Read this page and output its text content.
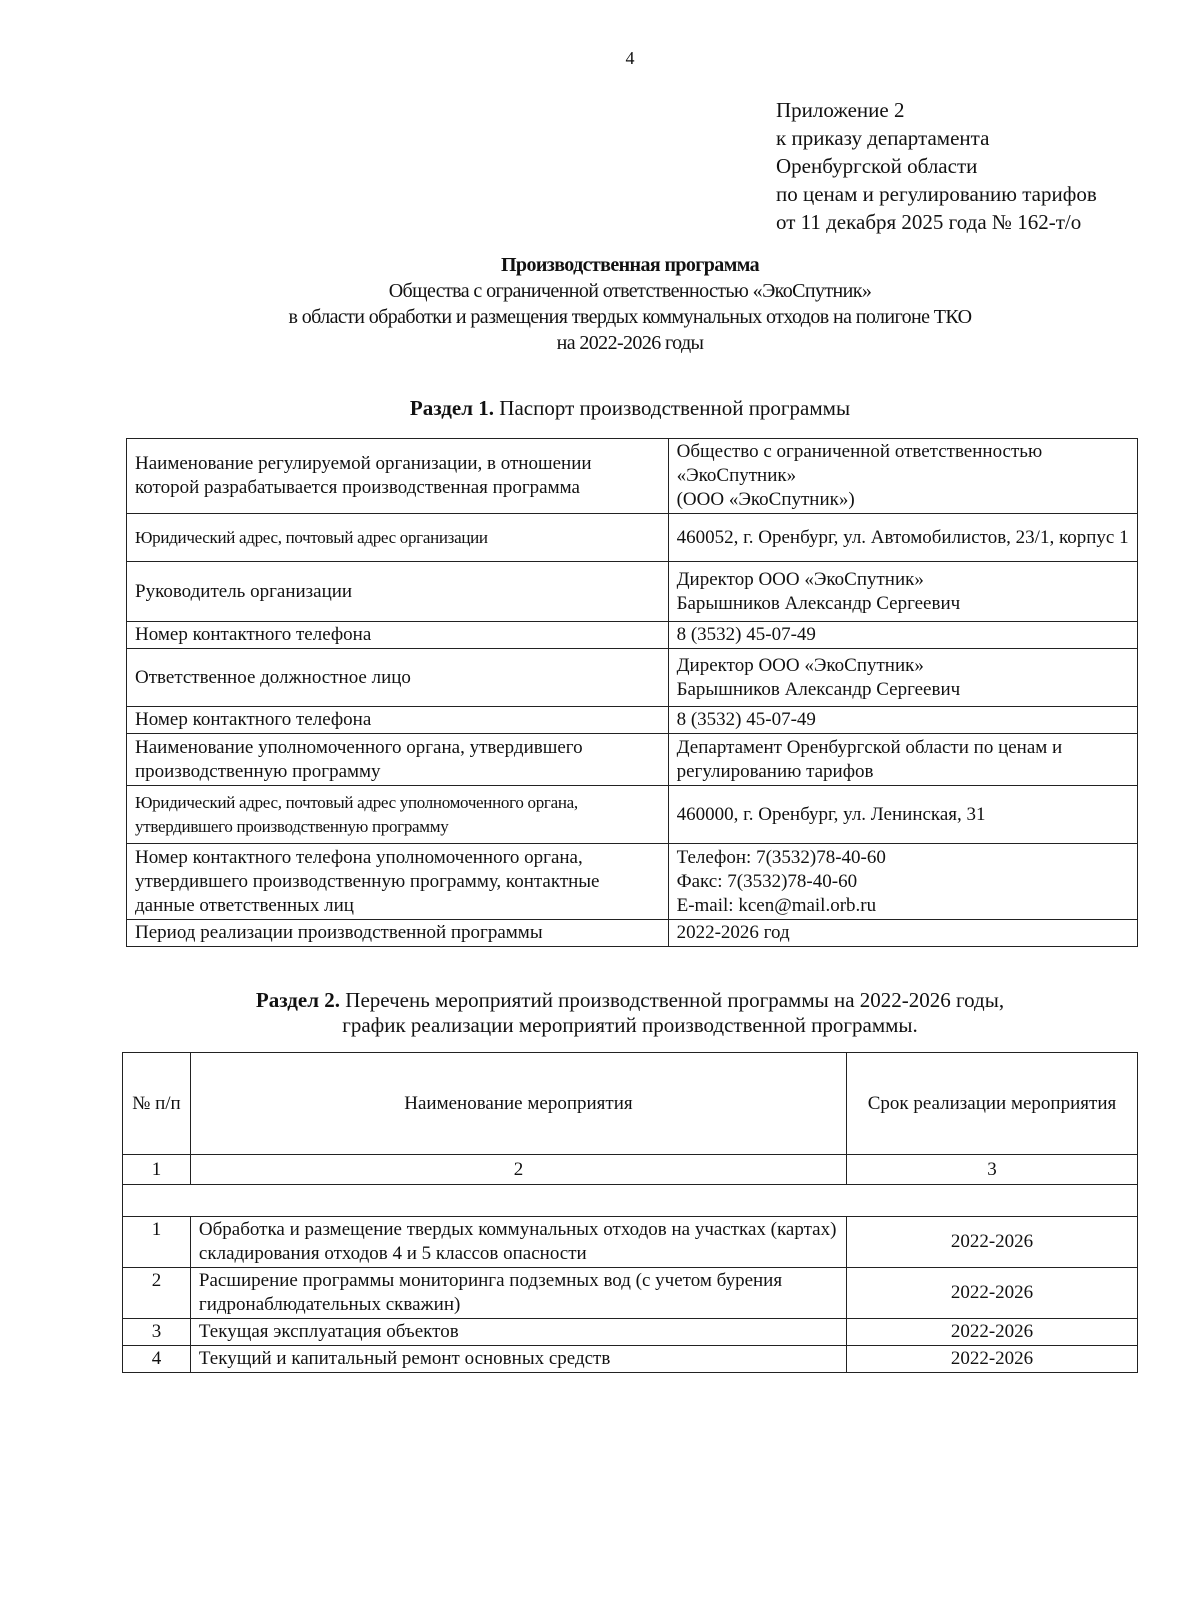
4
Приложение 2
к приказу департамента
Оренбургской области
по ценам и регулированию тарифов
от 11 декабря 2025 года № 162-т/о
Производственная программа
Общества с ограниченной ответственностью «ЭкоСпутник»
в области обработки и размещения твердых коммунальных отходов на полигоне ТКО
на 2022-2026 годы
Раздел 1. Паспорт производственной программы
Наименование регулируемой организации, в отношении которой разрабатывается производственная программа	Общество с ограниченной ответственностью «ЭкоСпутник»
(ООО «ЭкоСпутник»)

Юридический адрес, почтовый адрес организации	460052, г. Оренбург, ул. Автомобилистов, 23/1, корпус 1
Руководитель организации	Директор ООО «ЭкоСпутник»
Барышников Александр Сергеевич

Номер контактного телефона	8 (3532) 45-07-49
Ответственное должностное лицо	Директор ООО «ЭкоСпутник»
Барышников Александр Сергеевич

Номер контактного телефона	8 (3532) 45-07-49
Наименование уполномоченного органа, утвердившего производственную программу	Департамент Оренбургской области по ценам и регулированию тарифов
Юридический адрес, почтовый адрес уполномоченного органа, утвердившего производственную программу	460000, г. Оренбург, ул. Ленинская, 31
Номер контактного телефона уполномоченного органа, утвердившего производственную программу, контактные данные ответственных лиц	Телефон: 7(3532)78-40-60
Факс: 7(3532)78-40-60
E-mail: kcen@mail.orb.ru

Период реализации производственной программы	2022-2026 год
Раздел 2. Перечень мероприятий производственной программы на 2022-2026 годы,
график реализации мероприятий производственной программы.
№ п/п	Наименование мероприятия	Срок реализации мероприятия
1	2	3

1	Обработка и размещение твердых коммунальных отходов на участках (картах) складирования отходов 4 и 5 классов опасности	2022-2026
2	Расширение программы мониторинга подземных вод (с учетом бурения гидронаблюдательных скважин)	2022-2026
3	Текущая эксплуатация объектов	2022-2026
4	Текущий и капитальный ремонт основных средств	2022-2026
